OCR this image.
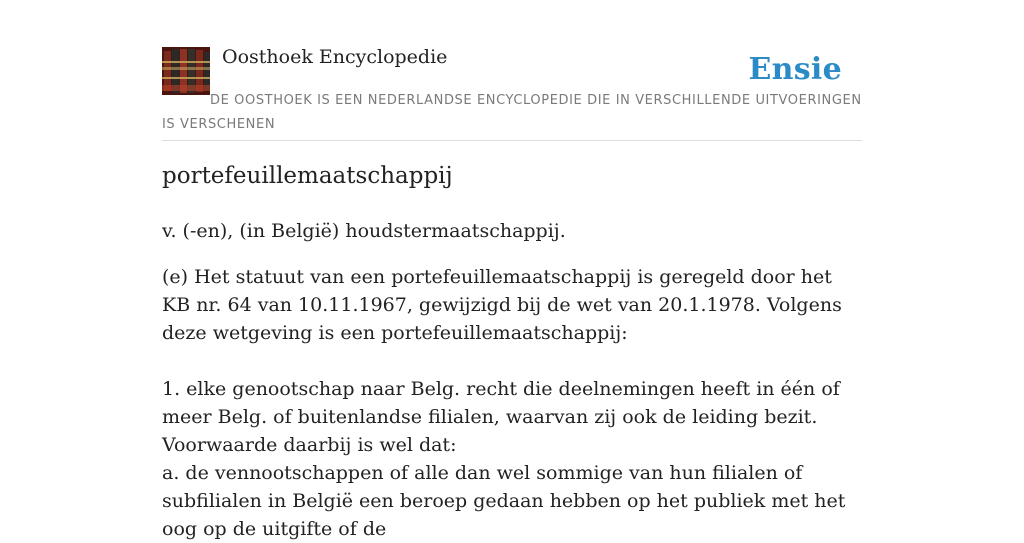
Oosthoek Encyclopedie	Ensie
DE OOSTHOEK IS EEN NEDERLANDSE ENCYCLOPEDIE DIE IN VERSCHILLENDE UITVOERINGEN IS VERSCHENEN
portefeuillemaatschappij

v. (-en), (in België) houdstermaatschappij.

(e) Het statuut van een portefeuillemaatschappij is geregeld door het KB nr. 64 van 10.11.1967, gewijzigd bij de wet van 20.1.1978. Volgens deze wetgeving is een portefeuillemaatschappij:

1. elke genootschap naar Belg. recht die deelnemingen heeft in één of meer Belg. of buitenlandse filialen, waarvan zij ook de leiding bezit. Voorwaarde daarbij is wel dat:
a. de vennootschappen of alle dan wel sommige van hun filialen of subfilialen in België een beroep gedaan hebben op het publiek met het oog op de uitgifte of de
